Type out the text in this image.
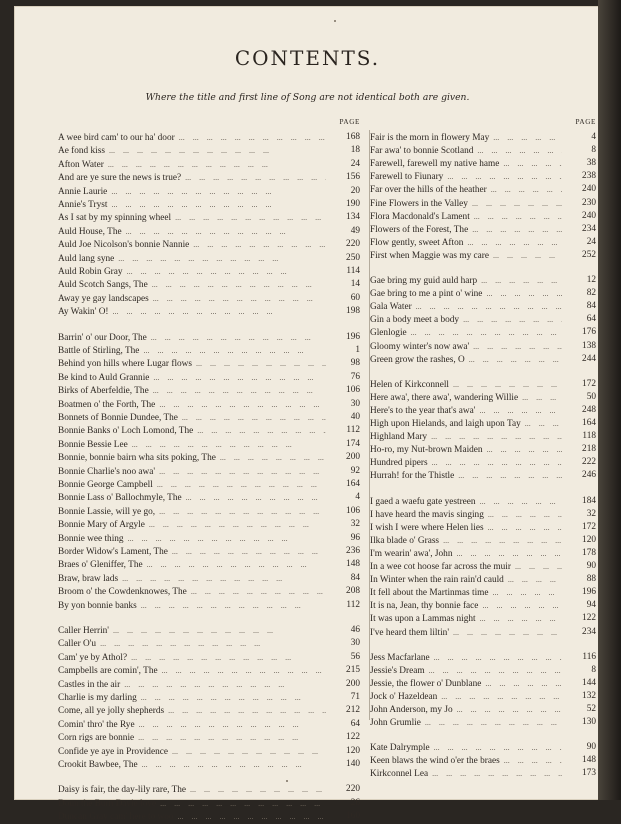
CONTENTS.
Where the title and first line of Song are not identical both are given.
PAGE
A wee bird cam' to our ha' door ...	168
Ae fond kiss ...	18
Afton Water ...	24
And are ye sure the news is true? ...	156
Annie Laurie ...	20
Annie's Tryst ...	190
As I sat by my spinning wheel ...	134
Auld House, The ...	49
Auld Joe Nicolson's bonnie Nannie ...	220
Auld lang syne ...	250
Auld Robin Gray ...	114
Auld Scotch Sangs, The ...	14
Away ye gay landscapes ...	60
Ay Wakin' O! ...	198
Barrin' o' our Door, The ...	196
Battle of Stirling, The ...	1
Behind yon hills where Lugar flows ...	98
Be kind to Auld Grannie ...	76
Birks of Aberfeldie, The ...	106
Boatmen o' the Forth, The ...	30
Bonnets of Bonnie Dundee, The ...	40
Bonnie Banks o' Loch Lomond, The ...	112
Bonnie Bessie Lee ...	174
Bonnie, bonnie bairn wha sits poking, The ...	200
Bonnie Charlie's noo awa' ...	92
Bonnie George Campbell ...	164
Bonnie Lass o' Ballochmyle, The ...	4
Bonnie Lassie, will ye go, ...	106
Bonnie Mary of Argyle ...	32
Bonnie wee thing ...	96
Border Widow's Lament, The ...	236
Braes o' Gleniffer, The ...	148
Braw, braw lads ...	84
Broom o' the Cowdenknowes, The ...	208
By yon bonnie banks ...	112
Caller Herrin' ...	46
Caller O'u ...	30
Cam' ye by Athol? ...	56
Campbells are comin', The ...	215
Castles in the air ...	200
Charlie is my darling ...	71
Come, all ye jolly shepherds ...	212
Comin' thro' the Rye ...	64
Corn rigs are bonnie ...	122
Confide ye aye in Providence ...	120
Crookit Bawbee, The ...	140
Daisy is fair, the day-lily rare, The ...	220
Doun the Burn Davie love ...	26
Duncan Gray cam' here to woo ...	160
PAGE
Fair is the morn in flowery May ...	4
Far awa' to bonnie Scotland ...	8
Farewell, farewell my native hame ...	38
Farewell to Fiunary ...	238
Far over the hills of the heather ...	240
Fine Flowers in the Valley ...	230
Flora Macdonald's Lament ...	240
Flowers of the Forest, The ...	234
Flow gently, sweet Afton ...	24
First when Maggie was my care ...	252
Gae bring my guid auld harp ...	12
Gae bring to me a pint o' wine ...	82
Gala Water ...	84
Gin a body meet a body ...	64
Glenlogie ...	176
Gloomy winter's now awa' ...	138
Green grow the rashes, O ...	244
Helen of Kirkconnell ...	172
Here awa', there awa', wandering Willie ...	50
Here's to the year that's awa' ...	248
High upon Hielands, and laigh upon Tay ...	164
Highland Mary ...	118
Ho-ro, my Nut-brown Maiden ...	218
Hundred pipers ...	222
Hurrah! for the Thistle ...	246
I gaed a waefu gate yestreen ...	184
I have heard the mavis singing ...	32
I wish I were where Helen lies ...	172
Ilka blade o' Grass ...	120
I'm wearin' awa', John ...	178
In a wee cot hoose far across the muir ...	90
In Winter when the rain rain'd cauld ...	88
It fell about the Martinmas time ...	196
It is na, Jean, thy bonnie face ...	94
It was upon a Lammas night ...	122
I've heard them liltin' ...	234
Jess Macfarlane ...	116
Jessie's Dream ...	8
Jessie, the flower o' Dunblane ...	144
Jock o' Hazeldean ...	132
John Anderson, my Jo ...	52
John Grumlie ...	130
Kate Dalrymple ...	90
Keen blaws the wind o'er the braes ...	148
Kirkconnel Lea ...	173
